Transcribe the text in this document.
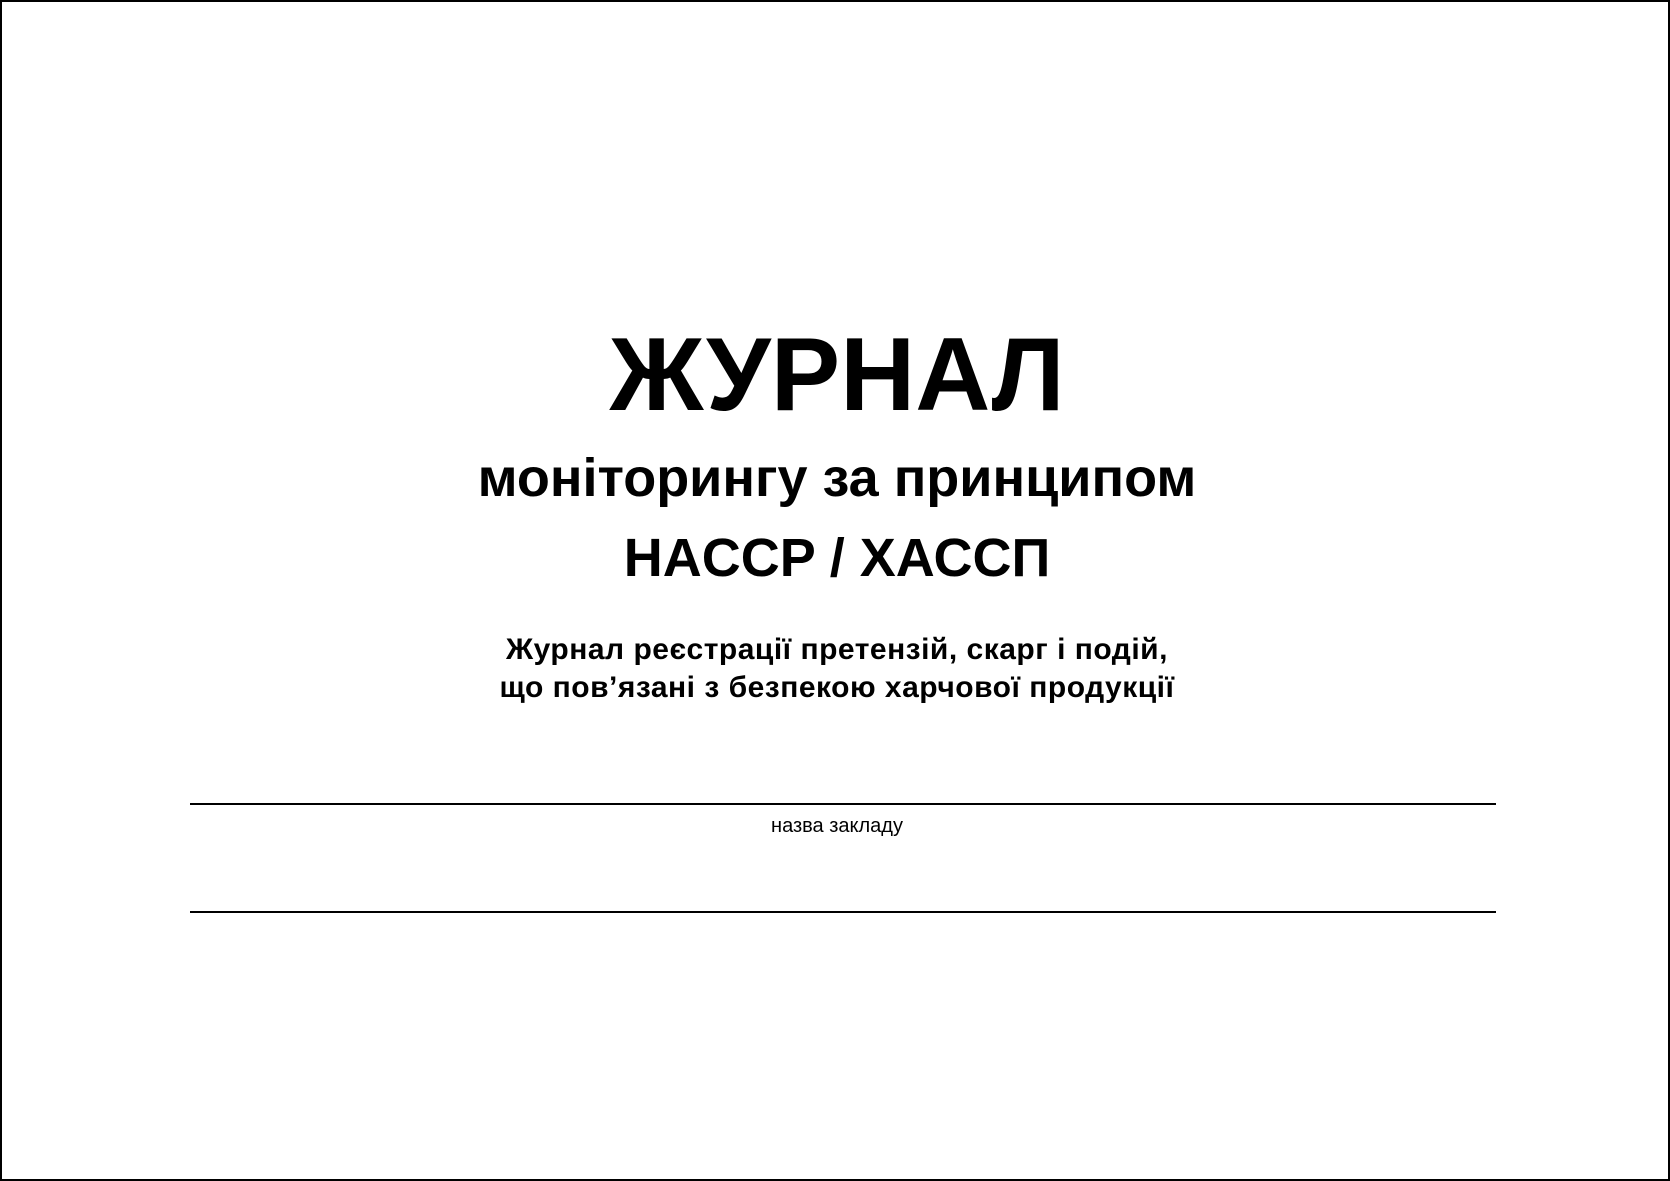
ЖУРНАЛ

моніторингу за принципом

HACCP / ХАССП

Журнал реєстрації претензій, скарг і подій,

що пов’язані з безпекою харчової продукції

назва закладу
